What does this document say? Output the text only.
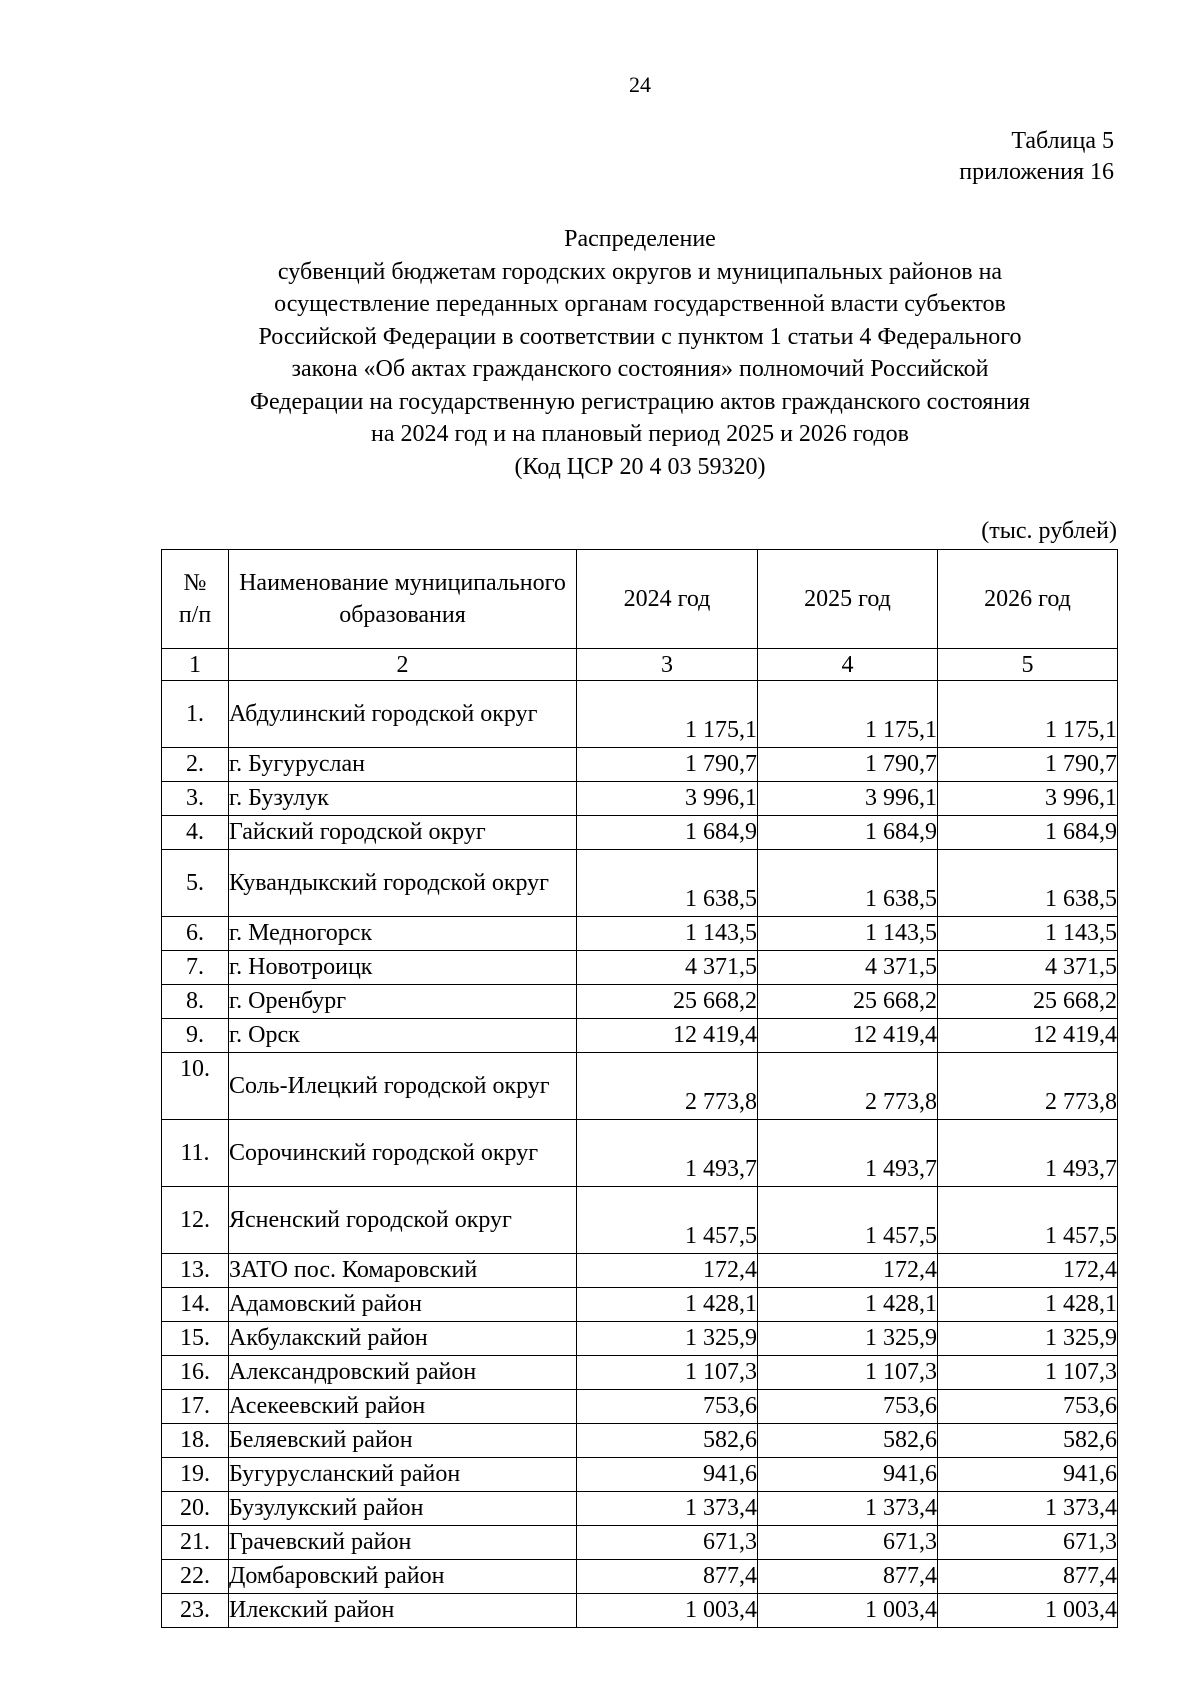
24
Таблица 5
приложения 16
Распределение
субвенций бюджетам городских округов и муниципальных районов на
осуществление переданных органам государственной власти субъектов
Российской Федерации в соответствии с пунктом 1 статьи 4 Федерального
закона «Об актах гражданского состояния» полномочий Российской
Федерации на государственную регистрацию актов гражданского состояния
на 2024 год и на плановый период 2025 и 2026 годов
(Код ЦСР 20 4 03 59320)
(тыс. рублей)
№
п/п	Наименование муниципального образования	2024 год	2025 год	2026 год
1	2	3	4	5
1.	Абдулинский городской округ	1 175,1	1 175,1	1 175,1
2.	г. Бугуруслан	1 790,7	1 790,7	1 790,7
3.	г. Бузулук	3 996,1	3 996,1	3 996,1
4.	Гайский городской округ	1 684,9	1 684,9	1 684,9
5.	Кувандыкский городской округ	1 638,5	1 638,5	1 638,5
6.	г. Медногорск	1 143,5	1 143,5	1 143,5
7.	г. Новотроицк	4 371,5	4 371,5	4 371,5
8.	г. Оренбург	25 668,2	25 668,2	25 668,2
9.	г. Орск	12 419,4	12 419,4	12 419,4
10.	Соль-Илецкий городской округ	2 773,8	2 773,8	2 773,8
11.	Сорочинский городской округ	1 493,7	1 493,7	1 493,7
12.	Ясненский городской округ	1 457,5	1 457,5	1 457,5
13.	ЗАТО пос. Комаровский	172,4	172,4	172,4
14.	Адамовский район	1 428,1	1 428,1	1 428,1
15.	Акбулакский район	1 325,9	1 325,9	1 325,9
16.	Александровский район	1 107,3	1 107,3	1 107,3
17.	Асекеевский район	753,6	753,6	753,6
18.	Беляевский район	582,6	582,6	582,6
19.	Бугурусланский район	941,6	941,6	941,6
20.	Бузулукский район	1 373,4	1 373,4	1 373,4
21.	Грачевский район	671,3	671,3	671,3
22.	Домбаровский район	877,4	877,4	877,4
23.	Илекский район	1 003,4	1 003,4	1 003,4
